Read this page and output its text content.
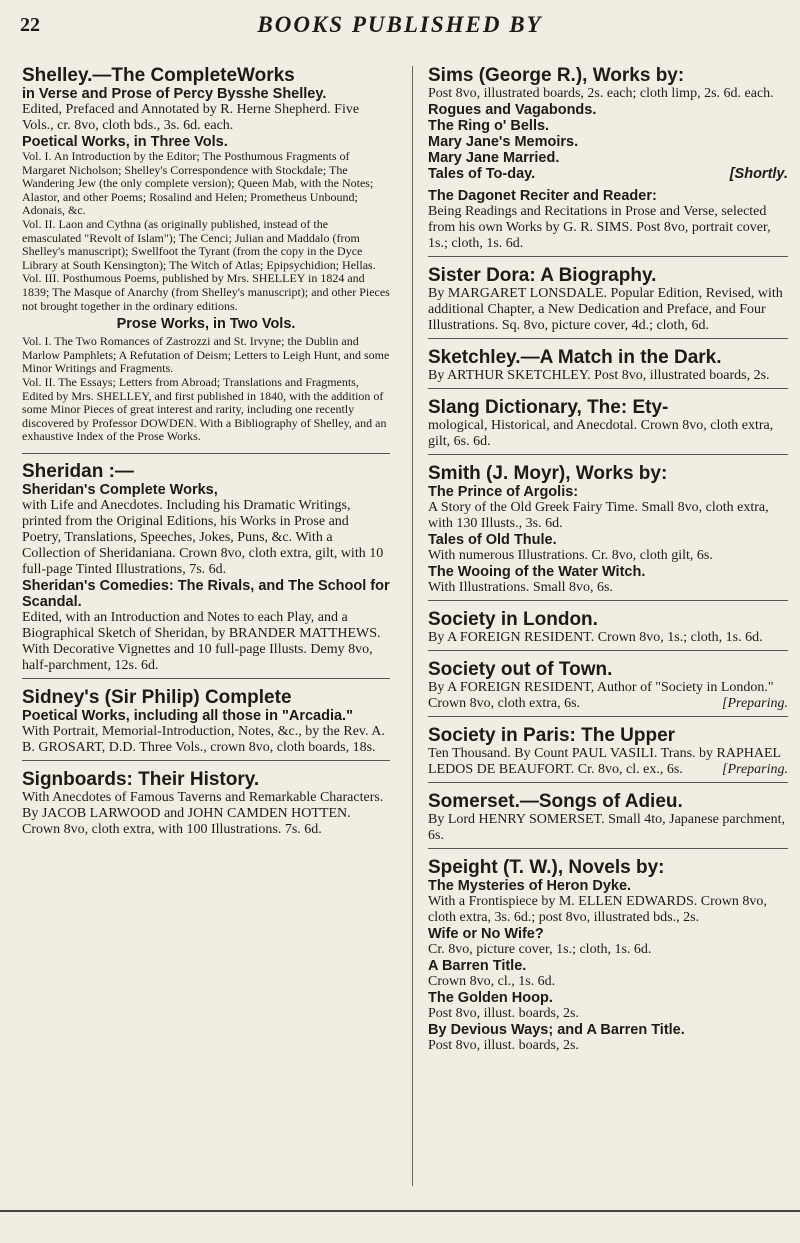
22	BOOKS PUBLISHED BY
Shelley.—The CompleteWorks
in Verse and Prose of Percy Bysshe Shelley.
Edited, Prefaced and Annotated by R. Herne Shepherd. Five Vols., cr. 8vo, cloth bds., 3s. 6d. each.
Poetical Works, in Three Vols.
Vol. I. An Introduction by the Editor; The Posthumous Fragments of Margaret Nicholson; Shelley's Correspondence with Stockdale; The Wandering Jew (the only complete version); Queen Mab, with the Notes; Alastor, and other Poems; Rosalind and Helen; Prometheus Unbound; Adonais, &c.
Vol. II. Laon and Cythna (as originally published, instead of the emasculated "Revolt of Islam"); The Cenci; Julian and Maddalo (from Shelley's manuscript); Swellfoot the Tyrant (from the copy in the Dyce Library at South Kensington); The Witch of Atlas; Epipsychidion; Hellas.
Vol. III. Posthumous Poems, published by Mrs. SHELLEY in 1824 and 1839; The Masque of Anarchy (from Shelley's manuscript); and other Pieces not brought together in the ordinary editions.
Prose Works, in Two Vols.
Vol. I. The Two Romances of Zastrozzi and St. Irvyne; the Dublin and Marlow Pamphlets; A Refutation of Deism; Letters to Leigh Hunt, and some Minor Writings and Fragments.
Vol. II. The Essays; Letters from Abroad; Translations and Fragments, Edited by Mrs. SHELLEY, and first published in 1840, with the addition of some Minor Pieces of great interest and rarity, including one recently discovered by Professor DOWDEN. With a Bibliography of Shelley, and an exhaustive Index of the Prose Works.
Sheridan :—
Sheridan's Complete Works,
with Life and Anecdotes. Including his Dramatic Writings, printed from the Original Editions, his Works in Prose and Poetry, Translations, Speeches, Jokes, Puns, &c. With a Collection of Sheridaniana. Crown 8vo, cloth extra, gilt, with 10 full-page Tinted Illustrations, 7s. 6d.
Sheridan's Comedies: The Rivals, and The School for Scandal.
Edited, with an Introduction and Notes to each Play, and a Biographical Sketch of Sheridan, by BRANDER MATTHEWS. With Decorative Vignettes and 10 full-page Illusts. Demy 8vo, half-parchment, 12s. 6d.
Sidney's (Sir Philip) Complete
Poetical Works, including all those in "Arcadia."
With Portrait, Memorial-Introduction, Notes, &c., by the Rev. A. B. GROSART, D.D. Three Vols., crown 8vo, cloth boards, 18s.
Signboards: Their History.
With Anecdotes of Famous Taverns and Remarkable Characters. By JACOB LARWOOD and JOHN CAMDEN HOTTEN. Crown 8vo, cloth extra, with 100 Illustrations. 7s. 6d.
Sims (George R.), Works by:
Post 8vo, illustrated boards, 2s. each; cloth limp, 2s. 6d. each.
Rogues and Vagabonds.
The Ring o' Bells.
Mary Jane's Memoirs.
Mary Jane Married.
Tales of To-day.	[Shortly.
The Dagonet Reciter and Reader:
Being Readings and Recitations in Prose and Verse, selected from his own Works by G. R. SIMS. Post 8vo, portrait cover, 1s.; cloth, 1s. 6d.
Sister Dora: A Biography.
By MARGARET LONSDALE. Popular Edition, Revised, with additional Chapter, a New Dedication and Preface, and Four Illustrations. Sq. 8vo, picture cover, 4d.; cloth, 6d.
Sketchley.—A Match in the Dark.
By ARTHUR SKETCHLEY. Post 8vo, illustrated boards, 2s.
Slang Dictionary, The: Ety-
mological, Historical, and Anecdotal. Crown 8vo, cloth extra, gilt, 6s. 6d.
Smith (J. Moyr), Works by:
The Prince of Argolis:
A Story of the Old Greek Fairy Time. Small 8vo, cloth extra, with 130 Illusts., 3s. 6d.
Tales of Old Thule.
With numerous Illustrations. Cr. 8vo, cloth gilt, 6s.
The Wooing of the Water Witch.
With Illustrations. Small 8vo, 6s.
Society in London.
By A FOREIGN RESIDENT. Crown 8vo, 1s.; cloth, 1s. 6d.
Society out of Town.
By A FOREIGN RESIDENT, Author of "Society in London." Crown 8vo, cloth extra, 6s.	[Preparing.
Society in Paris: The Upper
Ten Thousand. By Count PAUL VASILI. Trans. by RAPHAEL LEDOS DE BEAUFORT. Cr. 8vo, cl. ex., 6s.	[Preparing.
Somerset.—Songs of Adieu.
By Lord HENRY SOMERSET. Small 4to, Japanese parchment, 6s.
Speight (T. W.), Novels by:
The Mysteries of Heron Dyke.
With a Frontispiece by M. ELLEN EDWARDS. Crown 8vo, cloth extra, 3s. 6d.; post 8vo, illustrated bds., 2s.
Wife or No Wife?
Cr. 8vo, picture cover, 1s.; cloth, 1s. 6d.
A Barren Title.
Crown 8vo, cl., 1s. 6d.
The Golden Hoop.
Post 8vo, illust. boards, 2s.
By Devious Ways; and A Barren Title.
Post 8vo, illust. boards, 2s.
